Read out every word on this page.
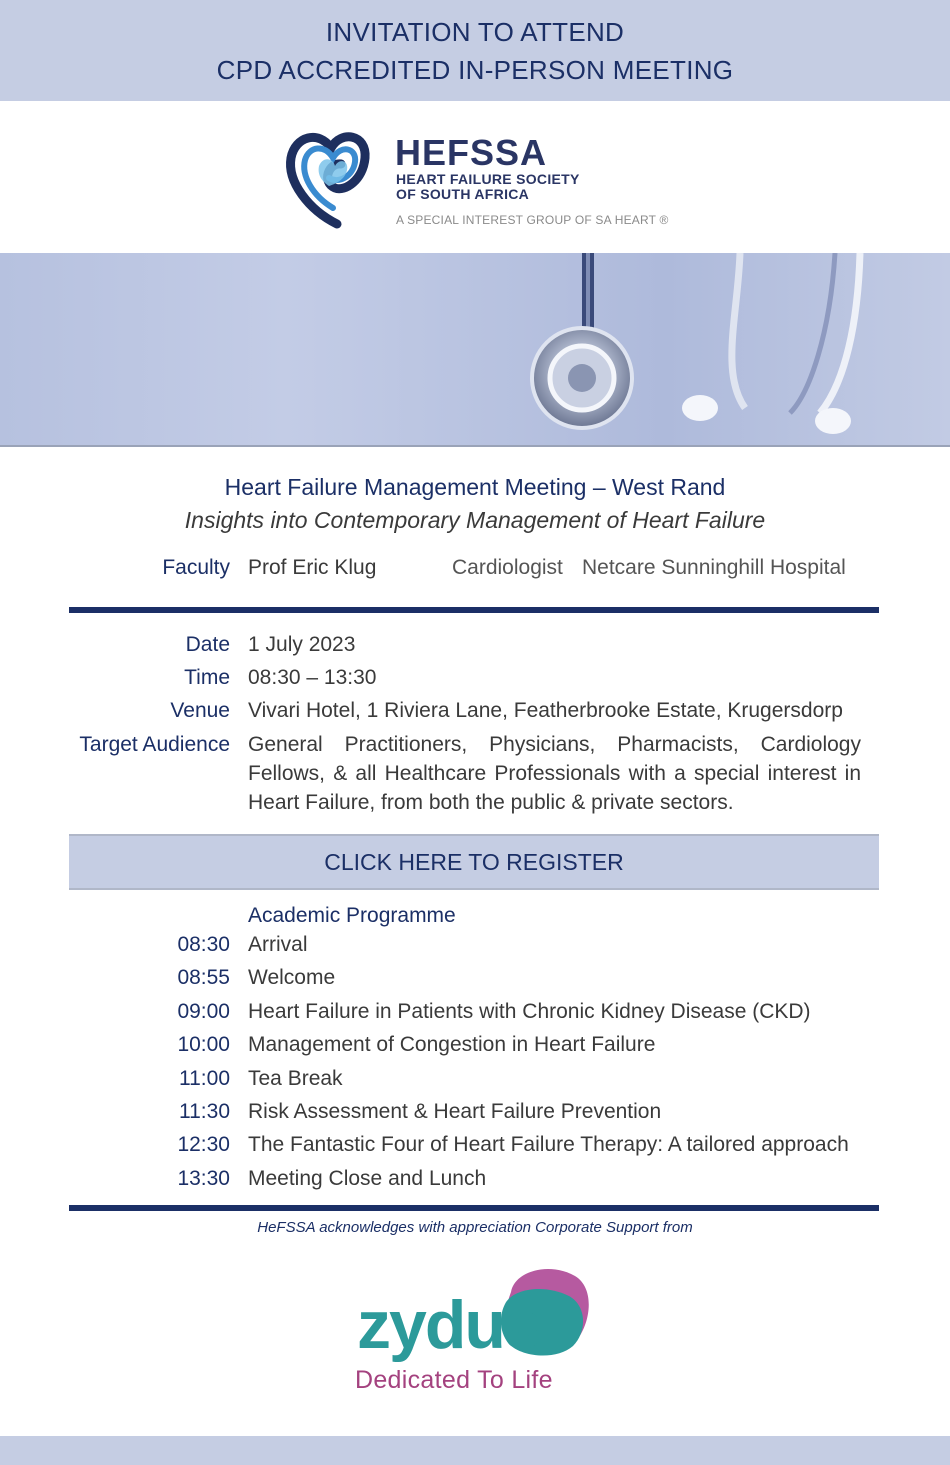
INVITATION TO ATTEND
CPD ACCREDITED IN-PERSON MEETING
HEFSSA
HEART FAILURE SOCIETY
OF SOUTH AFRICA
A SPECIAL INTEREST GROUP OF SA HEART ®
Heart Failure Management Meeting – West Rand
Insights into Contemporary Management of Heart Failure
Faculty Prof Eric Klug	Cardiologist Netcare Sunninghill Hospital
Date 1 July 2023
Time 08:30 – 13:30
Venue Vivari Hotel, 1 Riviera Lane, Featherbrooke Estate, Krugersdorp
Target Audience General Practitioners, Physicians, Pharmacists, Cardiology Fellows, & all Healthcare Professionals with a special interest in Heart Failure, from both the public & private sectors.
CLICK HERE TO REGISTER
Academic Programme
08:30 Arrival
08:55 Welcome
09:00 Heart Failure in Patients with Chronic Kidney Disease (CKD)
10:00 Management of Congestion in Heart Failure
11:00 Tea Break
11:30 Risk Assessment & Heart Failure Prevention
12:30 The Fantastic Four of Heart Failure Therapy: A tailored approach
13:30 Meeting Close and Lunch
HeFSSA acknowledges with appreciation Corporate Support from
zydus
Dedicated To Life
